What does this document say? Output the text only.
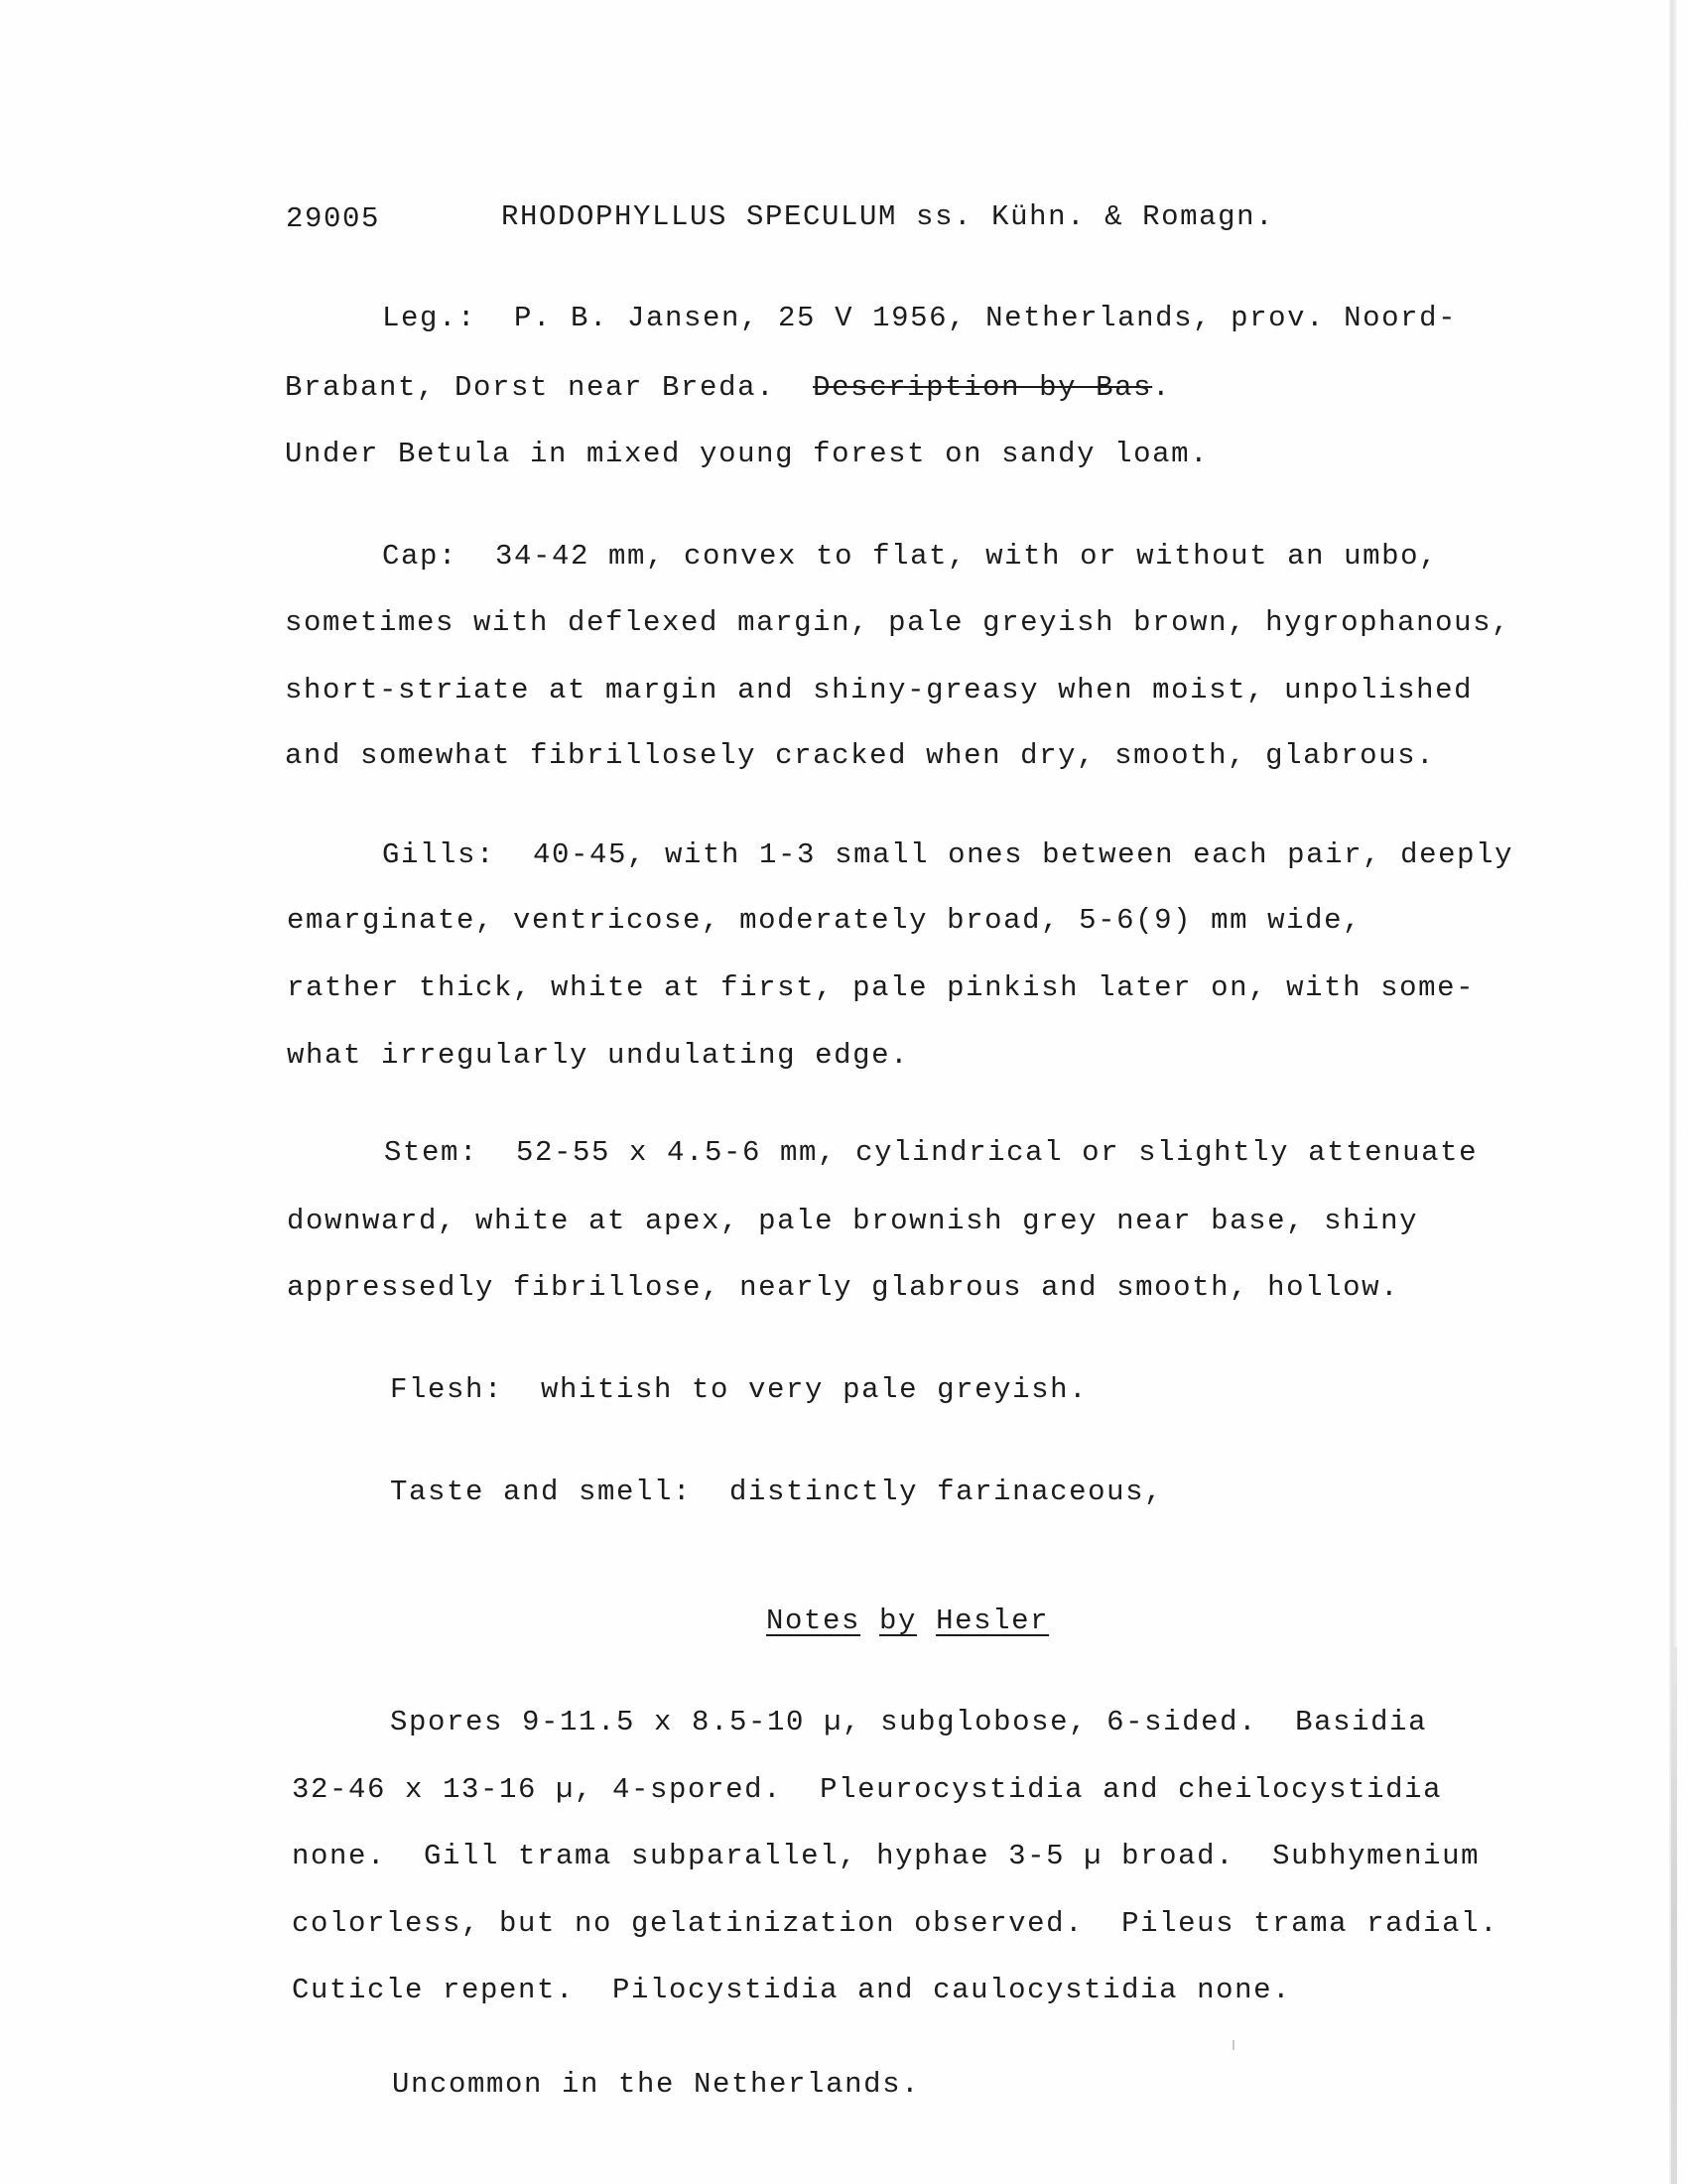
29005	RHODOPHYLLUS SPECULUM ss. Kühn. & Romagn.
Leg.:  P. B. Jansen, 25 V 1956, Netherlands, prov. Noord-
Brabant, Dorst near Breda.  Description by Bas.
Under Betula in mixed young forest on sandy loam.
Cap:  34-42 mm, convex to flat, with or without an umbo,
sometimes with deflexed margin, pale greyish brown, hygrophanous,
short-striate at margin and shiny-greasy when moist, unpolished
and somewhat fibrillosely cracked when dry, smooth, glabrous.
Gills:  40-45, with 1-3 small ones between each pair, deeply
emarginate, ventricose, moderately broad, 5-6(9) mm wide,
rather thick, white at first, pale pinkish later on, with some-
what irregularly undulating edge.
Stem:  52-55 x 4.5-6 mm, cylindrical or slightly attenuate
downward, white at apex, pale brownish grey near base, shiny
appressedly fibrillose, nearly glabrous and smooth, hollow.
Flesh:  whitish to very pale greyish.
Taste and smell:  distinctly farinaceous,
Notes by Hesler
Spores 9-11.5 x 8.5-10 µ, subglobose, 6-sided.  Basidia
32-46 x 13-16 µ, 4-spored.  Pleurocystidia and cheilocystidia
none.  Gill trama subparallel, hyphae 3-5 µ broad.  Subhymenium
colorless, but no gelatinization observed.  Pileus trama radial.
Cuticle repent.  Pilocystidia and caulocystidia none.
Uncommon in the Netherlands.
